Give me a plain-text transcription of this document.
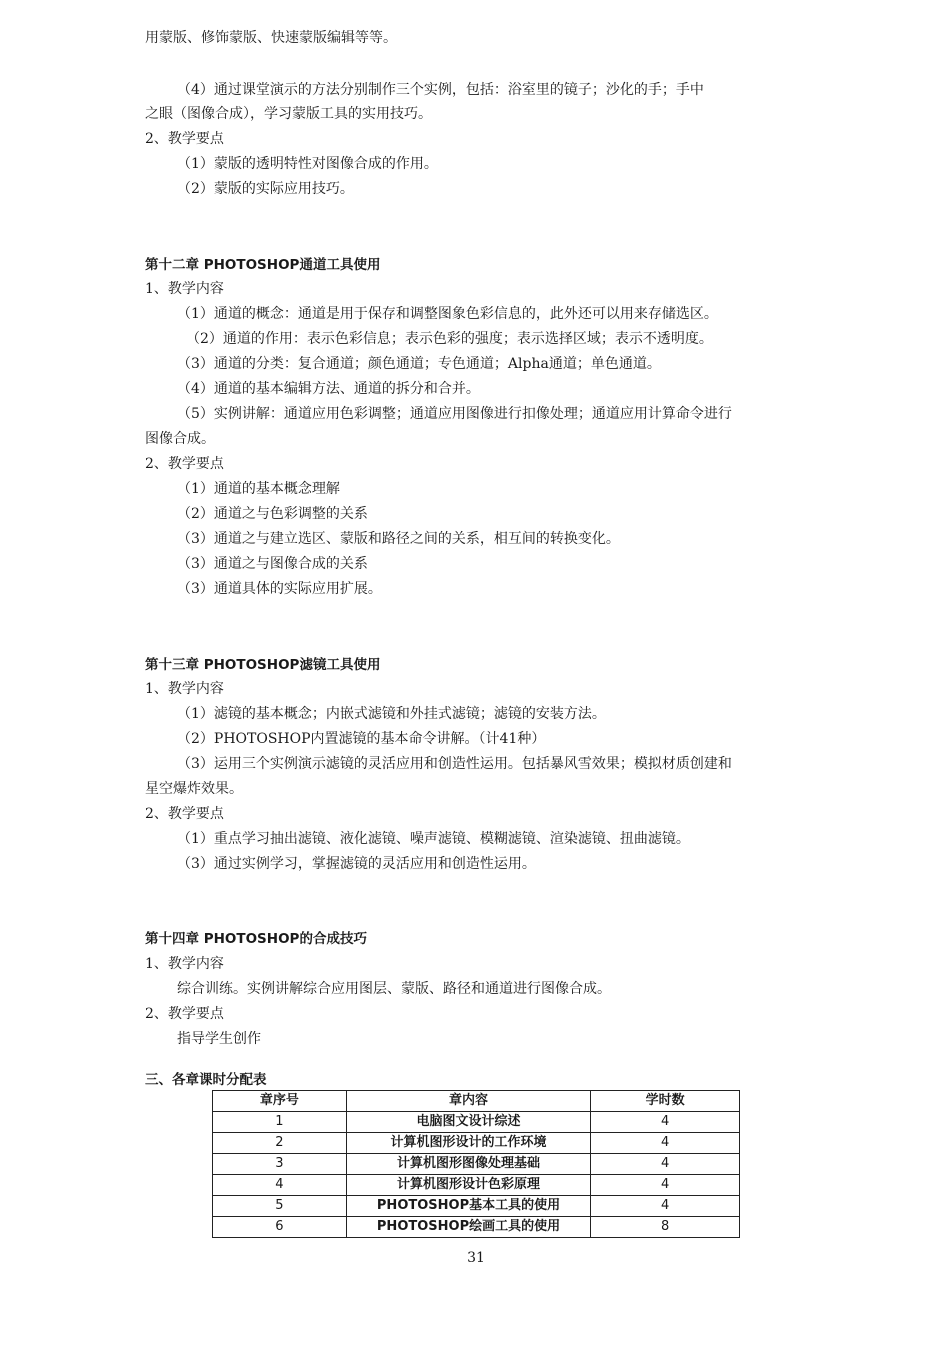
用蒙版、修饰蒙版、快速蒙版编辑等等。
（4）通过课堂演示的方法分别制作三个实例，包括：浴室里的镜子；沙化的手；手中
之眼（图像合成），学习蒙版工具的实用技巧。
2、教学要点
（1）蒙版的透明特性对图像合成的作用。
（2）蒙版的实际应用技巧。
第十二章 PHOTOSHOP通道工具使用
1、教学内容
（1）通道的概念：通道是用于保存和调整图象色彩信息的，此外还可以用来存储选区。
（2）通道的作用：表示色彩信息；表示色彩的强度；表示选择区域；表示不透明度。
（3）通道的分类：复合通道；颜色通道；专色通道；Alpha通道；单色通道。
（4）通道的基本编辑方法、通道的拆分和合并。
（5）实例讲解：通道应用色彩调整；通道应用图像进行扣像处理；通道应用计算命令进行
图像合成。
2、教学要点
（1）通道的基本概念理解
（2）通道之与色彩调整的关系
（3）通道之与建立选区、蒙版和路径之间的关系，相互间的转换变化。
（3）通道之与图像合成的关系
（3）通道具体的实际应用扩展。
第十三章 PHOTOSHOP滤镜工具使用
1、教学内容
（1）滤镜的基本概念；内嵌式滤镜和外挂式滤镜；滤镜的安装方法。
（2）PHOTOSHOP内置滤镜的基本命令讲解。（计41种）
（3）运用三个实例演示滤镜的灵活应用和创造性运用。包括暴风雪效果；模拟材质创建和
星空爆炸效果。
2、教学要点
（1）重点学习抽出滤镜、液化滤镜、噪声滤镜、模糊滤镜、渲染滤镜、扭曲滤镜。
（3）通过实例学习，掌握滤镜的灵活应用和创造性运用。
第十四章 PHOTOSHOP的合成技巧
1、教学内容
综合训练。实例讲解综合应用图层、蒙版、路径和通道进行图像合成。
2、教学要点
指导学生创作
三、各章课时分配表
章序号	章内容	学时数
1	电脑图文设计综述	4
2	计算机图形设计的工作环境	4
3	计算机图形图像处理基础	4
4	计算机图形设计色彩原理	4
5	PHOTOSHOP基本工具的使用	4
6	PHOTOSHOP绘画工具的使用	8
31
